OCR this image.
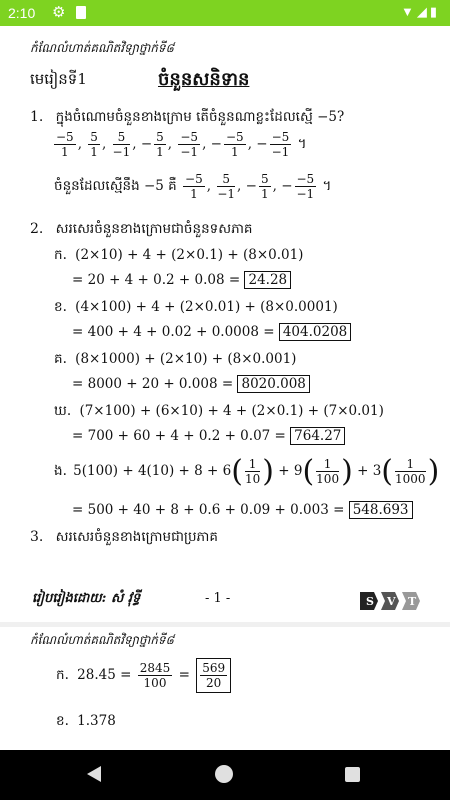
2:10 ⚙	▼◢▮
កំណែលំហាត់គណិតវិទ្យាថ្នាក់ទី៨
មេរៀនទី1	ចំនួនសនិទាន
1. ក្នុងចំណោមចំនួនខាងក្រោម តើចំនួនណាខ្លះដែលស្មើ −5?
$\frac{-5}{1}$ , $\frac{5}{1}$ , $\frac{5}{-1}$ , − $\frac{5}{1}$ , $\frac{-5}{-1}$ , − $\frac{-5}{1}$ , − $\frac{-5}{-1}$ ។
ចំនួនដែលស្មើនឹង −5 គឺ $\frac{-5}{1}$ , $\frac{5}{-1}$ , − $\frac{5}{1}$ , − $\frac{-5}{-1}$ ។
2. សរសេរចំនួនខាងក្រោមជាចំនួនទសភាគ
ក. (2×10) + 4 + (2×0.1) + (8×0.01)
= 20 + 4 + 0.2 + 0.08 = 24.28
ខ. (4×100) + 4 + (2×0.01) + (8×0.0001)
= 400 + 4 + 0.02 + 0.0008 = 404.0208
គ. (8×1000) + (2×10) + (8×0.001)
= 8000 + 20 + 0.008 = 8020.008
ឃ. (7×100) + (6×10) + 4 + (2×0.1) + (7×0.01)
= 700 + 60 + 4 + 0.2 + 0.07 = 764.27
ង. $5(100) + 4(10) + 8 + 6( \frac{1}{10}$ ) + $9( \frac{1}{100}$ ) + $3( \frac{1}{1000}$ )
= 500 + 40 + 8 + 0.6 + 0.09 + 0.003 = 548.693
3. សរសេរចំនួនខាងក្រោមជាប្រភាគ
រៀបរៀងដោយ: សំ វុទ្ធី	- 1 -	S V T
កំណែលំហាត់គណិតវិទ្យាថ្នាក់ទី៨
ក. $28.45 = \frac{2845}{100} = \frac{569}{20}$
ខ. 1.378
